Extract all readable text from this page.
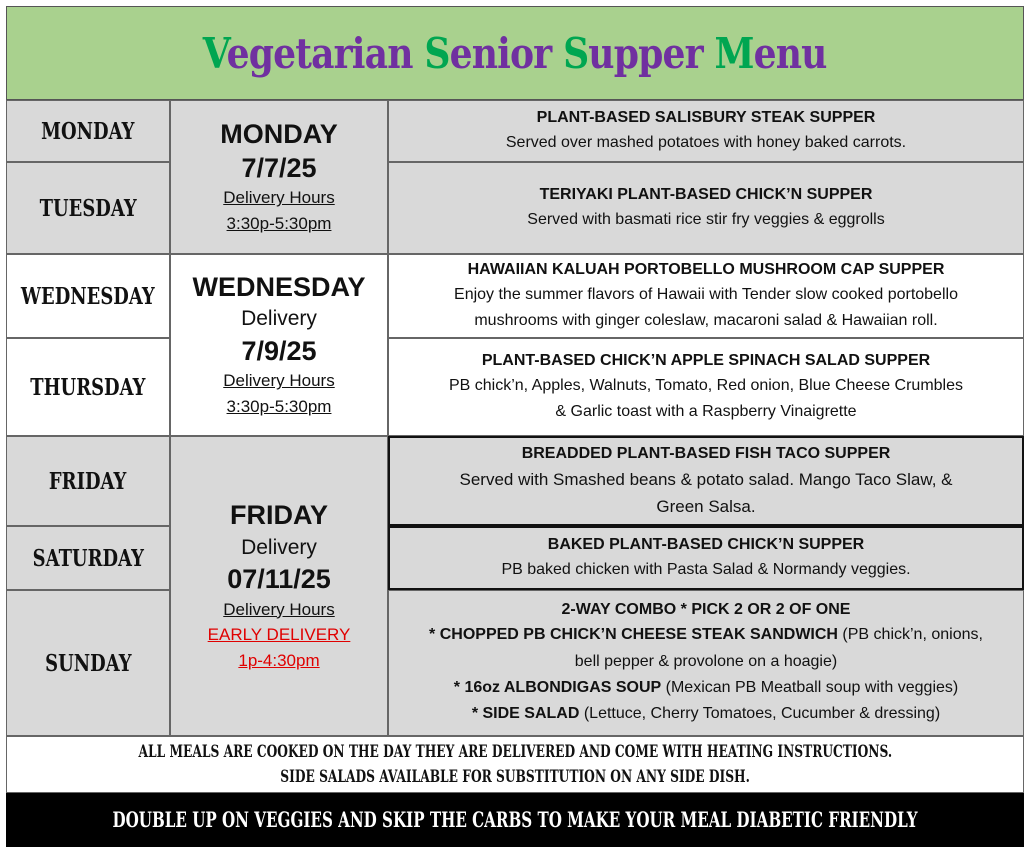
Vegetarian Senior Supper Menu
MONDAY
TUESDAY
WEDNESDAY
THURSDAY
FRIDAY
SATURDAY
SUNDAY
MONDAY
7/7/25
Delivery Hours
3:30p-5:30pm
WEDNESDAY
Delivery
7/9/25
Delivery Hours
3:30p-5:30pm
FRIDAY
Delivery
07/11/25
Delivery Hours
EARLY DELIVERY
1p-4:30pm
PLANT-BASED SALISBURY STEAK SUPPER
Served over mashed potatoes with honey baked carrots.
TERIYAKI PLANT-BASED CHICK’N SUPPER
Served with basmati rice stir fry veggies & eggrolls
HAWAIIAN KALUAH PORTOBELLO MUSHROOM CAP SUPPER
Enjoy the summer flavors of Hawaii with Tender slow cooked portobello
mushrooms with ginger coleslaw, macaroni salad & Hawaiian roll.
PLANT-BASED CHICK’N APPLE SPINACH SALAD SUPPER
PB chick’n, Apples, Walnuts, Tomato, Red onion, Blue Cheese Crumbles
& Garlic toast with a Raspberry Vinaigrette
BREADDED PLANT-BASED FISH TACO SUPPER
Served with Smashed beans & potato salad. Mango Taco Slaw, &
Green Salsa.
BAKED PLANT-BASED CHICK’N SUPPER
PB baked chicken with Pasta Salad & Normandy veggies.
2-WAY COMBO * PICK 2 OR 2 OF ONE
* CHOPPED PB CHICK’N CHEESE STEAK SANDWICH (PB chick’n, onions,
bell pepper & provolone on a hoagie)
* 16oz ALBONDIGAS SOUP (Mexican PB Meatball soup with veggies)
* SIDE SALAD (Lettuce, Cherry Tomatoes, Cucumber & dressing)
ALL MEALS ARE COOKED ON THE DAY THEY ARE DELIVERED AND COME WITH HEATING INSTRUCTIONS.
SIDE SALADS AVAILABLE FOR SUBSTITUTION ON ANY SIDE DISH.
DOUBLE UP ON VEGGIES AND SKIP THE CARBS TO MAKE YOUR MEAL DIABETIC FRIENDLY
